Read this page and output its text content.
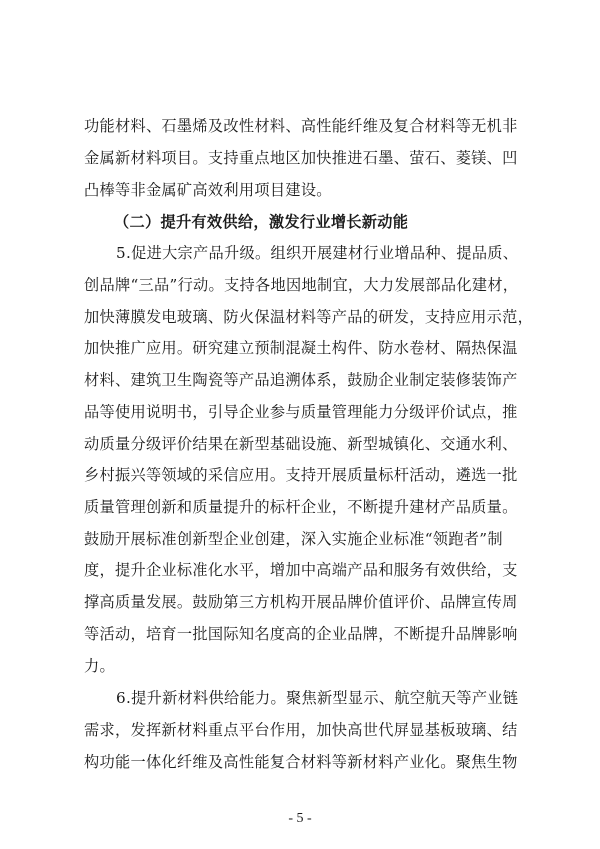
功能材料、石墨烯及改性材料、高性能纤维及复合材料等无机非
金属新材料项目。支持重点地区加快推进石墨、萤石、菱镁、凹
凸棒等非金属矿高效利用项目建设。
（二）提升有效供给，激发行业增长新动能
5.促进大宗产品升级。组织开展建材行业增品种、提品质、
创品牌“三品”行动。支持各地因地制宜，大力发展部品化建材，
加快薄膜发电玻璃、防火保温材料等产品的研发，支持应用示范，
加快推广应用。研究建立预制混凝土构件、防水卷材、隔热保温
材料、建筑卫生陶瓷等产品追溯体系，鼓励企业制定装修装饰产
品等使用说明书，引导企业参与质量管理能力分级评价试点，推
动质量分级评价结果在新型基础设施、新型城镇化、交通水利、
乡村振兴等领域的采信应用。支持开展质量标杆活动，遴选一批
质量管理创新和质量提升的标杆企业，不断提升建材产品质量。
鼓励开展标准创新型企业创建，深入实施企业标准“领跑者”制
度，提升企业标准化水平，增加中高端产品和服务有效供给，支
撑高质量发展。鼓励第三方机构开展品牌价值评价、品牌宣传周
等活动，培育一批国际知名度高的企业品牌，不断提升品牌影响
力。
6.提升新材料供给能力。聚焦新型显示、航空航天等产业链
需求，发挥新材料重点平台作用，加快高世代屏显基板玻璃、结
构功能一体化纤维及高性能复合材料等新材料产业化。聚焦生物
- 5 -
